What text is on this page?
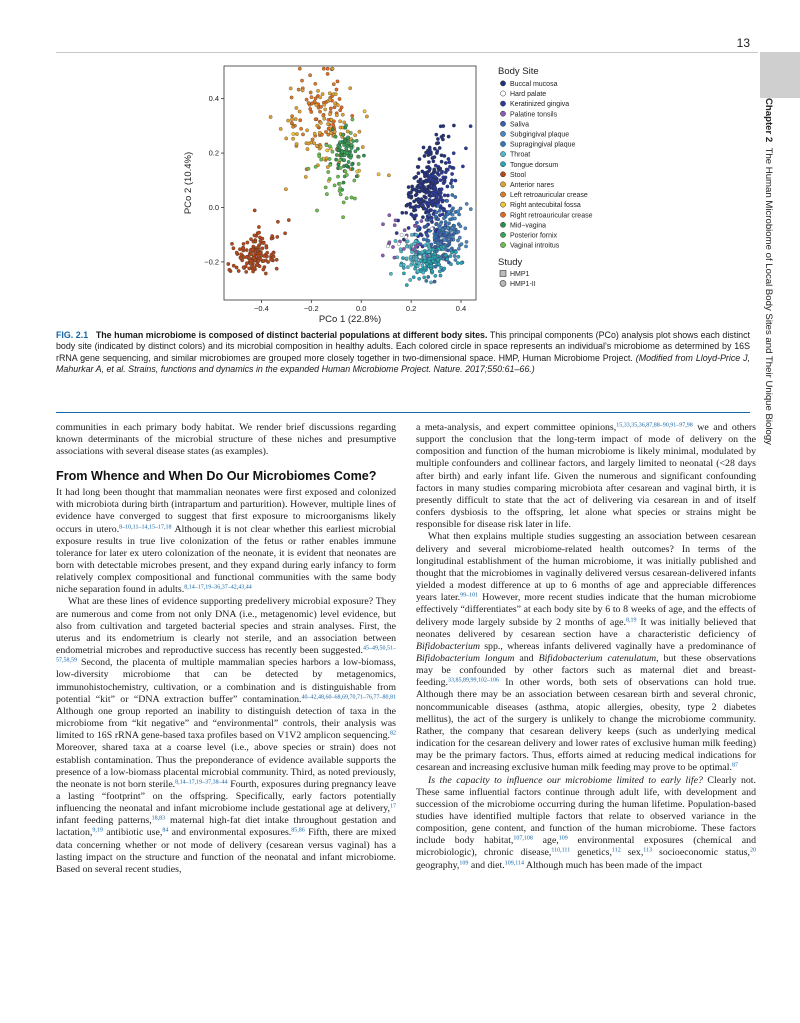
13
Chapter 2  The Human Microbiome of Local Body Sites and Their Unique Biology
−0.4	−0.2	0.0	0.2	0.4
−0.2
0.0
0.2
0.4
PCo 1 (22.8%)
PCo 2 (10.4%)
Body Site
Buccal mucosa
Hard palate
Keratinized gingiva
Palatine tonsils
Saliva
Subgingival plaque
Supragingival plaque
Throat
Tongue dorsum
Stool
Anterior nares
Left retroauricular crease
Right antecubital fossa
Right retroauricular crease
Mid−vagina
Posterior fornix
Vaginal introitus
Study
HMP1
HMP1-II
FIG. 2.1 The human microbiome is composed of distinct bacterial populations at different body sites. This principal components (PCo) analysis plot shows each distinct body site (indicated by distinct colors) and its microbial composition in healthy adults. Each colored circle in space represents an individual’s microbiome as determined by 16S rRNA gene sequencing, and similar microbiomes are grouped more closely together in two-dimensional space. HMP, Human Microbiome Project. (Modified from Lloyd-Price J, Mahurkar A, et al. Strains, functions and dynamics in the expanded Human Microbiome Project. Nature. 2017;550:61–66.)

communities in each primary body habitat. We render brief discussions regarding known determinants of the microbial structure of these niches and presumptive associations with several disease states (as examples).

From Whence and When Do Our Microbiomes Come?

It had long been thought that mammalian neonates were first exposed and colonized with microbiota during birth (intrapartum and parturition). However, multiple lines of evidence have converged to suggest that first exposure to microorganisms likely occurs in utero.$^{8-10,11-14,15-17,18}$ Although it is not clear whether this earliest microbial exposure results in true live colonization of the fetus or rather enables immune tolerance for later ex utero colonization of the neonate, it is evident that neonates are born with detectable microbes present, and they expand during early infancy to form relatively complex compositional and functional communities with the same body niche separation found in adults.$^{8,14-17,19-36,37-42,43,44}$

What are these lines of evidence supporting predelivery microbial exposure? They are numerous and come from not only DNA (i.e., metagenomic) level evidence, but also from cultivation and targeted bacterial species and strain analyses. First, the uterus and its endometrium is clearly not sterile, and an association between endometrial microbes and reproductive success has recently been suggested.$^{45-49,50,51-57,58,59}$ Second, the placenta of multiple mammalian species harbors a low-biomass, low-diversity microbiome that can be detected by metagenomics, immunohistochemistry, cultivation, or a combination and is distinguishable from potential “kit” or “DNA extraction buffer” contamination.$^{40-42,48,60-68,69,70,71-76,77-80,81}$ Although one group reported an inability to distinguish detection of taxa in the microbiome from “kit negative” and “environmental” controls, their analysis was limited to 16S rRNA gene-based taxa profiles based on V1V2 amplicon sequencing.$^{82}$ Moreover, shared taxa at a coarse level (i.e., above species or strain) does not establish contamination. Thus the preponderance of evidence available supports the presence of a low-biomass placental microbial community. Third, as noted previously, the neonate is not born sterile.$^{8,14-17,19-37,38-44}$ Fourth, exposures during pregnancy leave a lasting “footprint” on the offspring. Specifically, early factors potentially influencing the neonatal and infant microbiome include gestational age at delivery,$^{17}$ infant feeding patterns,$^{18,83}$ maternal high-fat diet intake throughout gestation and lactation,$^{9,19}$ antibiotic use,$^{84}$ and environmental exposures.$^{85,86}$ Fifth, there are mixed data concerning whether or not mode of delivery (cesarean versus vaginal) has a lasting impact on the structure and function of the neonatal and infant microbiome. Based on several recent studies,

a meta-analysis, and expert committee opinions,$^{15,33,35,36,87,88-90,91-97,98}$ we and others support the conclusion that the long-term impact of mode of delivery on the composition and function of the human microbiome is likely minimal, modulated by multiple confounders and collinear factors, and largely limited to neonatal (<28 days after birth) and early infant life. Given the numerous and significant confounding factors in many studies comparing microbiota after cesarean and vaginal birth, it is presently difficult to state that the act of delivering via cesarean in and of itself confers dysbiosis to the offspring, let alone what species or strains might be responsible for disease risk later in life.

What then explains multiple studies suggesting an association between cesarean delivery and several microbiome-related health outcomes? In terms of the longitudinal establishment of the human microbiome, it was initially published and thought that the microbiomes in vaginally delivered versus cesarean-delivered infants yielded a modest difference at up to 6 months of age and appreciable differences years later.$^{99-101}$ However, more recent studies indicate that the human microbiome effectively “differentiates” at each body site by 6 to 8 weeks of age, and the effects of delivery mode largely subside by 2 months of age.$^{8,19}$ It was initially believed that neonates delivered by cesarean section have a characteristic deficiency of Bifidobacterium spp., whereas infants delivered vaginally have a predominance of Bifidobacterium longum and Bifidobacterium catenulatum, but these observations may be confounded by other factors such as maternal diet and breast-feeding.$^{33,85,89,99,102-106}$ In other words, both sets of observations can hold true. Although there may be an association between cesarean birth and several chronic, noncommunicable diseases (asthma, atopic allergies, obesity, type 2 diabetes mellitus), the act of the surgery is unlikely to change the microbiome community. Rather, the company that cesarean delivery keeps (such as underlying medical indication for the cesarean delivery and lower rates of exclusive human milk feeding) may be the primary factors. Thus, efforts aimed at reducing medical indications for cesarean and increasing exclusive human milk feeding may prove to be optimal.$^{87}$

Is the capacity to influence our microbiome limited to early life? Clearly not. These same influential factors continue through adult life, with development and succession of the microbiome occurring during the human lifetime. Population-based studies have identified multiple factors that relate to observed variance in the composition, gene content, and function of the human microbiome. These factors include body habitat,$^{107,108}$ age,$^{109}$ environmental exposures (chemical and microbiologic), chronic disease,$^{110,111}$ genetics,$^{112}$ sex,$^{113}$ socioeconomic status,$^{20}$ geography,$^{109}$ and diet.$^{109,114}$ Although much has been made of the impact
